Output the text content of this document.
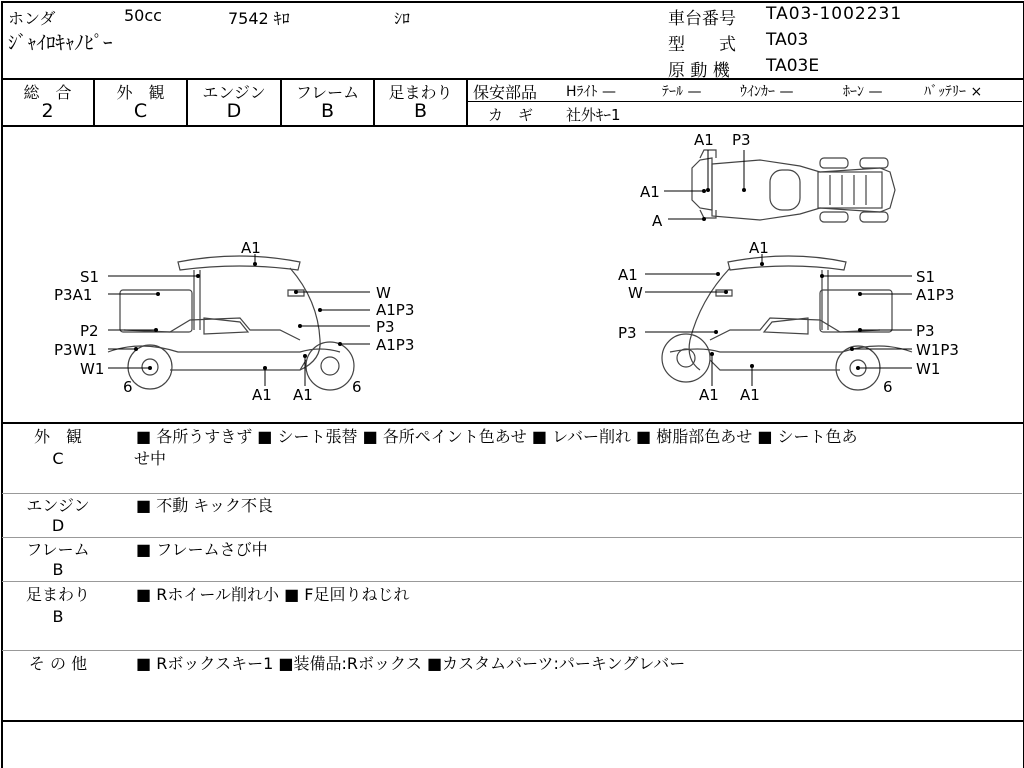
ホンダ	50cc	7542 ｷﾛ	ｼﾛ
ｼﾞｬｲﾛｷｬﾉﾋﾟｰ
車台番号 TA03-1002231
型　　式 TA03
原 動 機 TA03E
総　合
2
外　観
C
エンジン
D
フレーム
B
足まわり
B
保安部品 Hﾗｲﾄ —	ﾃｰﾙ —	ｳｲﾝｶｰ —	ﾎｰﾝ —	ﾊﾞｯﾃﾘｰ ×
カ　ギ 社外ｷｰ1
A1 P3
A1
A
A1
S1
P3A1	W
A1P3
P3
P2
P3W1	A1P3
W1
6	A1 A1	6
A1
A1	S1
W	A1P3
P3	P3
W1P3
W1
6
A1 A1
外　観
C
■ 各所うすきず ■ シート張替 ■ 各所ペイント色あせ ■ レバー削れ ■ 樹脂部色あせ ■ シート色あ
せ中
エンジン
D
■ 不動 キック不良
フレーム
B
■ フレームさび中
足まわり
B
■ Rホイール削れ小 ■ F足回りねじれ
そ の 他	■ Rボックスキー1 ■装備品:Rボックス ■カスタムパーツ:パーキングレバー
